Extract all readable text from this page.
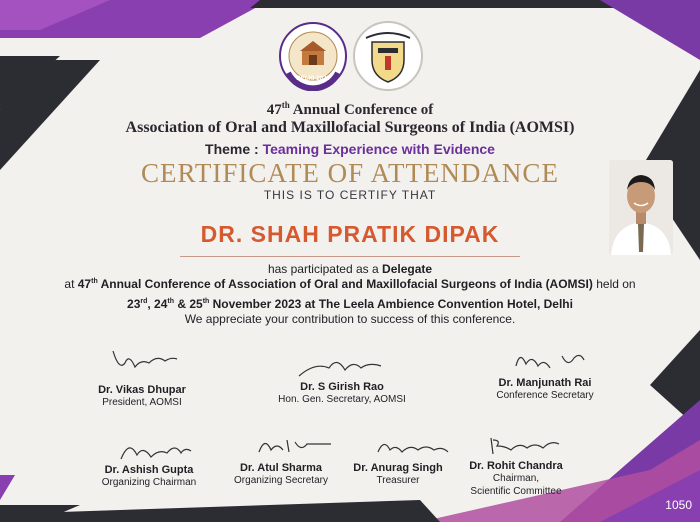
DELHI-2023
47th Annual Conference of
Association of Oral and Maxillofacial Surgeons of India (AOMSI)
Theme : Teaming Experience with Evidence
CERTIFICATE OF ATTENDANCE
THIS IS TO CERTIFY THAT
DR. SHAH PRATIK DIPAK
has participated as a Delegate
at 47th Annual Conference of Association of Oral and Maxillofacial Surgeons of India (AOMSI) held on
23rd, 24th & 25th November 2023 at The Leela Ambience Convention Hotel, Delhi
We appreciate your contribution to success of this conference.
Dr. Vikas Dhupar
President, AOMSI
Dr. S Girish Rao
Hon. Gen. Secretary, AOMSI
Dr. Manjunath Rai
Conference Secretary
Dr. Ashish Gupta
Organizing Chairman
Dr. Atul Sharma
Organizing Secretary
Dr. Anurag Singh
Treasurer
Dr. Rohit Chandra
Chairman,
Scientific Committee
1050
